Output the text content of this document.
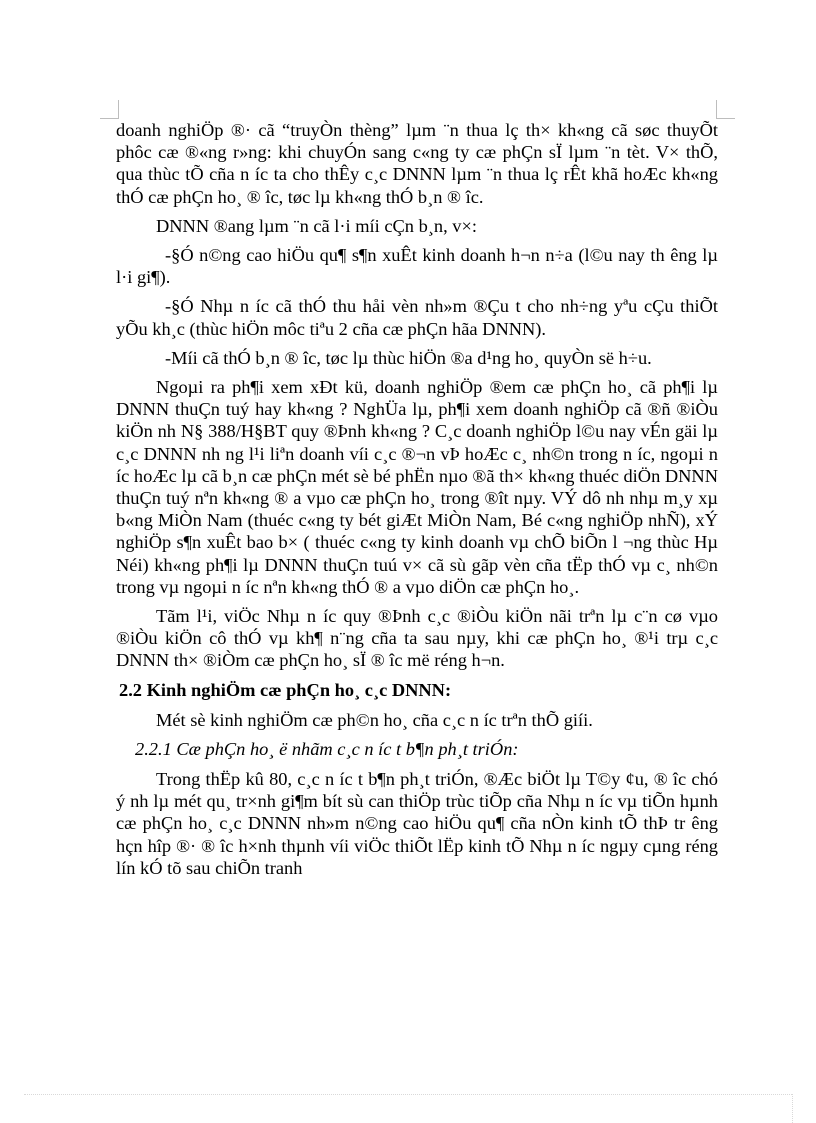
doanh nghiÖp ®· cã “truyÒn thèng” lµm ¨n thua lç th× kh«ng cã søc thuyÕt phôc cæ ®«ng r»ng: khi chuyÓn sang c«ng ty cæ phÇn sÏ lµm ¨n tèt. V× thÕ, qua thùc tÕ cña n íc ta cho thÊy c¸c DNNN lµm ¨n thua lç rÊt khã hoÆc kh«ng thÓ cæ phÇn ho¸ ® îc, tøc lµ kh«ng thÓ b¸n ® îc.

DNNN ®ang lµm ¨n cã l·i míi cÇn b¸n, v×:

-§Ó n©ng cao hiÖu qu¶ s¶n xuÊt kinh doanh h¬n n÷a (l©u nay th êng lµ l·i gi¶).

-§Ó Nhµ n íc cã thÓ thu håi vèn nh»m ®Çu t cho nh÷ng yªu cÇu thiÕt yÕu kh¸c (thùc hiÖn môc tiªu 2 cña cæ phÇn hãa DNNN).

-Míi cã thÓ b¸n ® îc, tøc lµ thùc hiÖn ®a d¹ng ho¸ quyÒn së h÷u.

Ngoµi ra ph¶i xem xÐt kü, doanh nghiÖp ®em cæ phÇn ho¸ cã ph¶i lµ DNNN thuÇn tuý hay kh«ng ? NghÜa lµ, ph¶i xem doanh nghiÖp cã ®ñ ®iÒu kiÖn nh N§ 388/H§BT quy ®Þnh kh«ng ? C¸c doanh nghiÖp l©u nay vÉn gäi lµ c¸c DNNN nh ng l¹i liªn doanh víi c¸c ®¬n vÞ hoÆc c¸ nh©n trong n íc, ngoµi n íc hoÆc lµ cã b¸n cæ phÇn mét sè bé phËn nµo ®ã th× kh«ng thuéc diÖn DNNN thuÇn tuý nªn kh«ng ® a vµo cæ phÇn ho¸ trong ®ît nµy. VÝ dô nh nhµ m¸y xµ b«ng MiÒn Nam (thuéc c«ng ty bét giÆt MiÒn Nam, Bé c«ng nghiÖp nhÑ), xÝ nghiÖp s¶n xuÊt bao b× ( thuéc c«ng ty kinh doanh vµ chÕ biÕn l ¬ng thùc Hµ Néi) kh«ng ph¶i lµ DNNN thuÇn tuú v× cã sù gãp vèn cña tËp thÓ vµ c¸ nh©n trong vµ ngoµi n íc nªn kh«ng thÓ ® a vµo diÖn cæ phÇn ho¸.

Tãm l¹i, viÖc Nhµ n íc quy ®Þnh c¸c ®iÒu kiÖn nãi trªn lµ c¨n cø vµo ®iÒu kiÖn cô thÓ vµ kh¶ n¨ng cña ta sau nµy, khi cæ phÇn ho¸ ®¹i trµ c¸c DNNN th× ®iÒm cæ phÇn ho¸ sÏ ® îc më réng h¬n.

2.2 Kinh nghiÖm cæ phÇn ho¸ c¸c DNNN:

Mét sè kinh nghiÖm cæ ph©n ho¸ cña c¸c n íc trªn thÕ giíi.

2.2.1 Cæ phÇn ho¸ ë nhãm c¸c n íc t b¶n ph¸t triÓn:

Trong thËp kû 80, c¸c n íc t b¶n ph¸t triÓn, ®Æc biÖt lµ T©y ¢u, ® îc chó ý nh lµ mét qu¸ tr×nh gi¶m bít sù can thiÖp trùc tiÕp cña Nhµ n íc vµ tiÕn hµnh cæ phÇn ho¸ c¸c DNNN nh»m n©ng cao hiÖu qu¶ cña nÒn kinh tÕ thÞ tr êng hçn hîp ®· ® îc h×nh thµnh víi viÖc thiÕt lËp kinh tÕ Nhµ n íc ngµy cµng réng lín kÓ tõ sau chiÕn tranh
